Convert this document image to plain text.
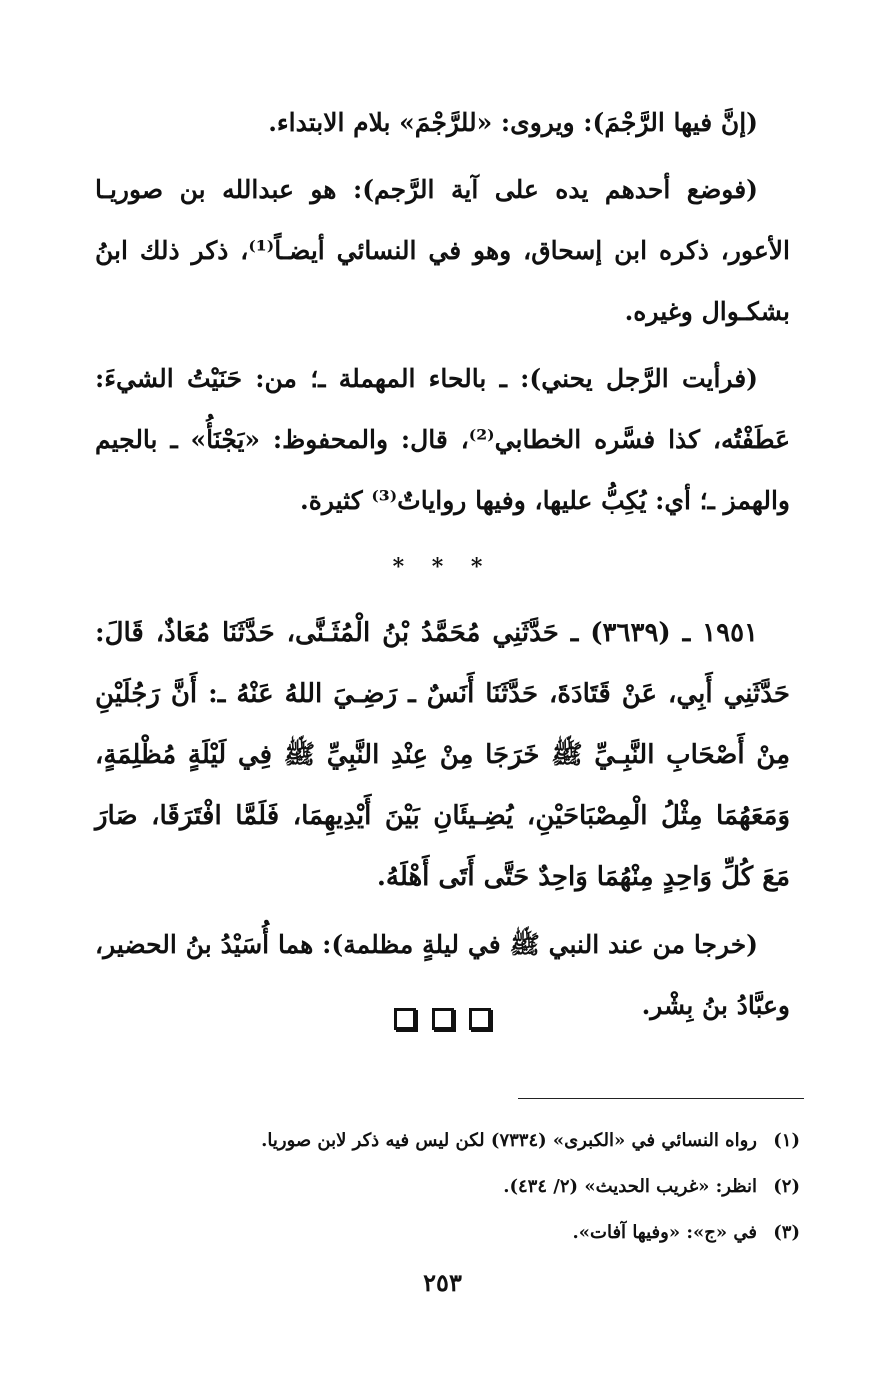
(إنَّ فيها الرَّجْمَ): ويروى: «للرَّجْمَ» بلام الابتداء.

(فوضع أحدهم يده على آية الرَّجم): هو عبدالله بن صوريـا الأعور، ذكره ابن إسحاق، وهو في النسائي أيضـاً⁽¹⁾، ذكر ذلك ابنُ بشكـوال وغيره.

(فرأيت الرَّجل يحني): ـ بالحاء المهملة ـ؛ من: حَنَيْتُ الشيءَ: عَطَفْتُه، كذا فسَّره الخطابي⁽²⁾، قال: والمحفوظ: «يَجْنَأُ» ـ بالجيم والهمز ـ؛ أي: يُكِبُّ عليها، وفيها رواياتٌ⁽³⁾ كثيرة.

* * *

١٩٥١ ـ (٣٦٣٩) ـ حَدَّثَنِي مُحَمَّدُ بْنُ الْمُثَـنَّى، حَدَّثَنَا مُعَاذٌ، قَالَ: حَدَّثَنِي أَبِي، عَنْ قَتَادَةَ، حَدَّثَنَا أَنَسٌ ـ رَضِـيَ اللهُ عَنْهُ ـ: أَنَّ رَجُلَيْنِ مِنْ أَصْحَابِ النَّبِـيِّ ﷺ خَرَجَا مِنْ عِنْدِ النَّبِيِّ ﷺ فِي لَيْلَةٍ مُظْلِمَةٍ، وَمَعَهُمَا مِثْلُ الْمِصْبَاحَيْنِ، يُضِـيئَانِ بَيْنَ أَيْدِيهِمَا، فَلَمَّا افْتَرَقَا، صَارَ مَعَ كُلِّ وَاحِدٍ مِنْهُمَا وَاحِدٌ حَتَّى أَتَى أَهْلَهُ.

(خرجا من عند النبي ﷺ في ليلةٍ مظلمة): هما أُسَيْدُ بنُ الحضير، وعبَّادُ بنُ بِشْر.

(١) رواه النسائي في «الكبرى» (٧٣٣٤) لكن ليس فيه ذكر لابن صوريا.

(٢) انظر: «غريب الحديث» (٢/ ٤٣٤).

(٣) في «ج»: «وفيها آفات».

٢٥٣
